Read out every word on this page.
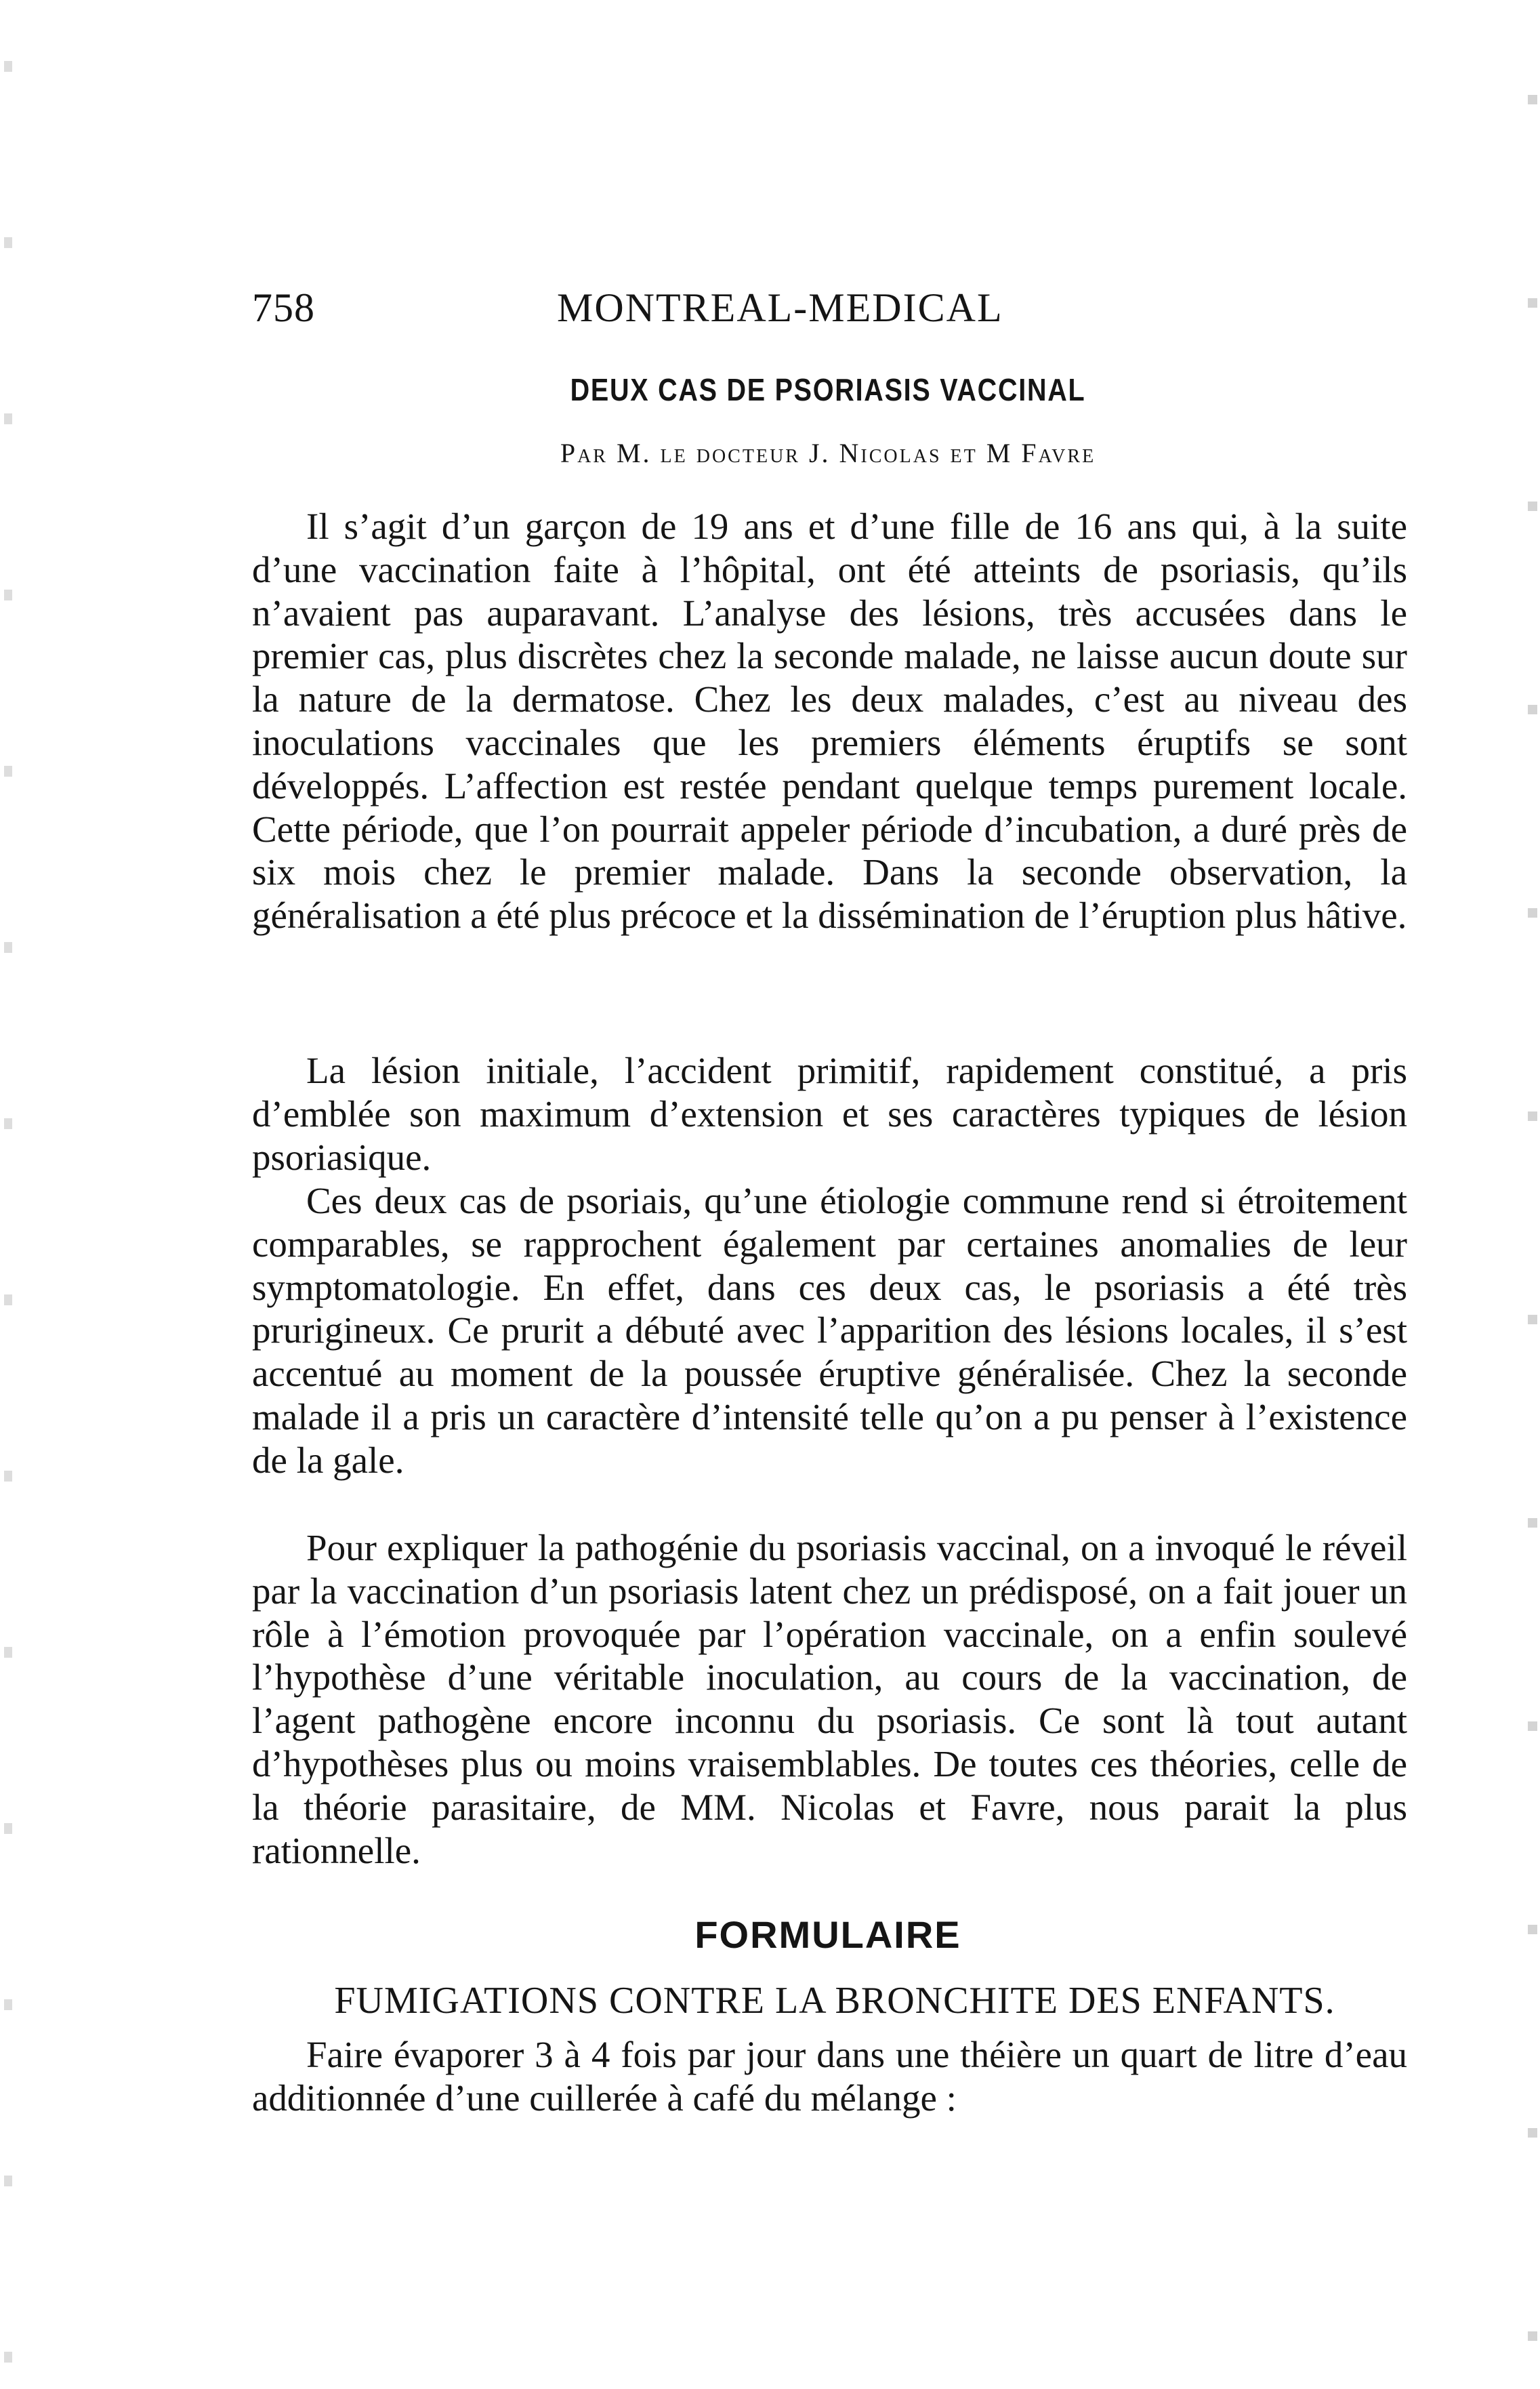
758	MONTREAL-MEDICAL
DEUX CAS DE PSORIASIS VACCINAL
Par M. le docteur J. Nicolas et M Favre

Il s’agit d’un garçon de 19 ans et d’une fille de 16 ans qui, à la suite d’une vaccination faite à l’hôpital, ont été atteints de psoriasis, qu’ils n’avaient pas auparavant. L’analyse des lésions, très accusées dans le premier cas, plus discrètes chez la seconde malade, ne laisse aucun doute sur la nature de la dermatose. Chez les deux malades, c’est au niveau des inoculations vaccinales que les premiers éléments éruptifs se sont développés. L’affection est restée pendant quelque temps purement locale. Cette période, que l’on pourrait appeler période d’incubation, a duré près de six mois chez le premier malade. Dans la seconde observation, la généralisation a été plus précoce et la dissémination de l’éruption plus hâtive.

La lésion initiale, l’accident primitif, rapidement constitué, a pris d’emblée son maximum d’extension et ses caractères typiques de lésion psoriasique.

Ces deux cas de psoriais, qu’une étiologie commune rend si étroitement comparables, se rapprochent également par certaines anomalies de leur symptomatologie. En effet, dans ces deux cas, le psoriasis a été très prurigineux. Ce prurit a débuté avec l’apparition des lésions locales, il s’est accentué au moment de la poussée éruptive généralisée. Chez la seconde malade il a pris un caractère d’intensité telle qu’on a pu penser à l’existence de la gale.

Pour expliquer la pathogénie du psoriasis vaccinal, on a invoqué le réveil par la vaccination d’un psoriasis latent chez un prédisposé, on a fait jouer un rôle à l’émotion provoquée par l’opération vaccinale, on a enfin soulevé l’hypothèse d’une véritable inoculation, au cours de la vaccination, de l’agent pathogène encore inconnu du psoriasis. Ce sont là tout autant d’hypothèses plus ou moins vraisemblables. De toutes ces théories, celle de la théorie parasitaire, de MM. Nicolas et Favre, nous parait la plus rationnelle.

FORMULAIRE
FUMIGATIONS CONTRE LA BRONCHITE DES ENFANTS.

Faire évaporer 3 à 4 fois par jour dans une théière un quart de litre d’eau additionnée d’une cuillerée à café du mélange :
